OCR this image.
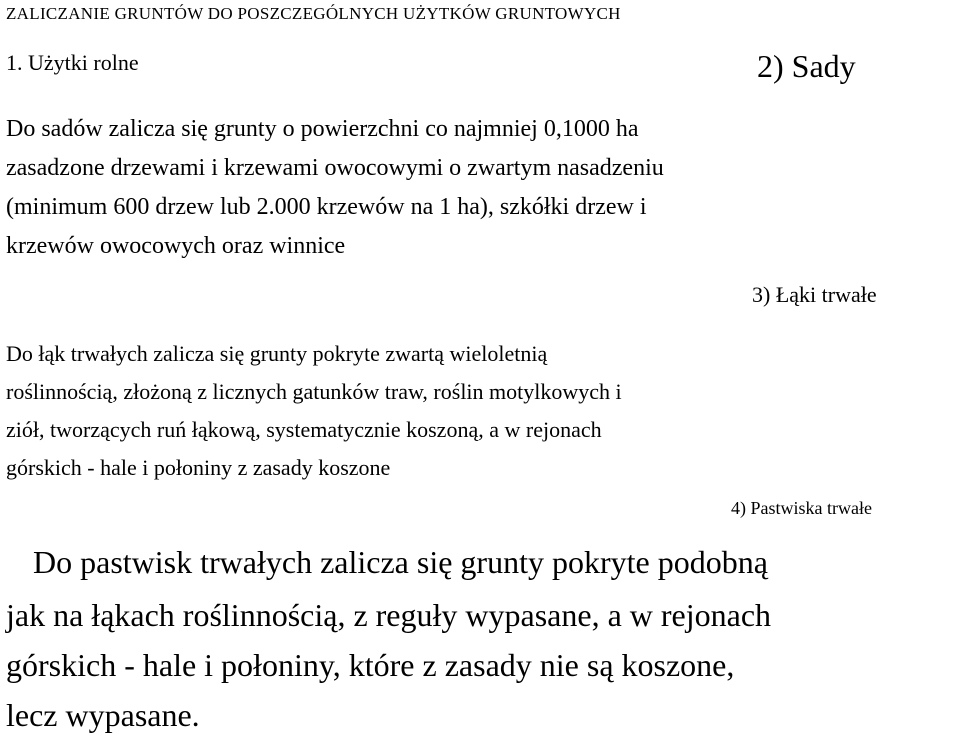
ZALICZANIE GRUNTÓW DO POSZCZEGÓLNYCH UŻYTKÓW GRUNTOWYCH
1. Użytki rolne	2) Sady
Do sadów zalicza się grunty o powierzchni co najmniej 0,1000 ha
zasadzone drzewami i krzewami owocowymi o zwartym nasadzeniu
(minimum 600 drzew lub 2.000 krzewów na 1 ha), szkółki drzew i
krzewów owocowych oraz winnice
3) Łąki trwałe
Do łąk trwałych zalicza się grunty pokryte zwartą wieloletnią
roślinnością, złożoną z licznych gatunków traw, roślin motylkowych i
ziół, tworzących ruń łąkową, systematycznie koszoną, a w rejonach
górskich - hale i połoniny z zasady koszone
4) Pastwiska trwałe
Do pastwisk trwałych zalicza się grunty pokryte podobną
jak na łąkach roślinnością, z reguły wypasane, a w rejonach
górskich - hale i połoniny, które z zasady nie są koszone,
lecz wypasane.
